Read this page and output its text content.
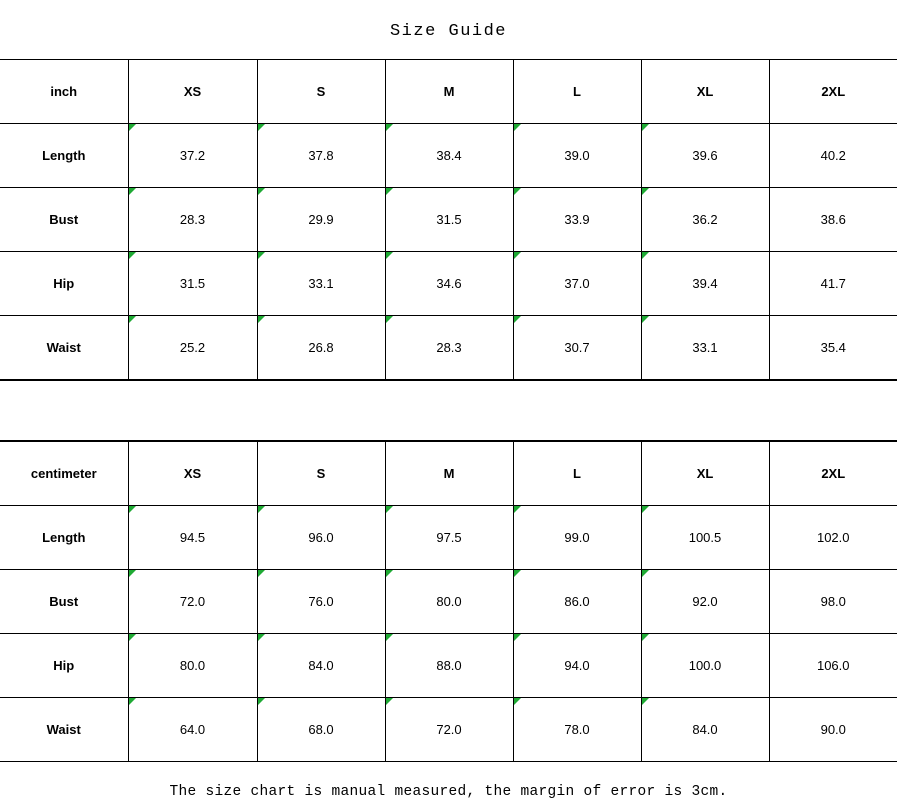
Size Guide
inch	XS	S	M	L	XL	2XL
Length	37.2	37.8	38.4	39.0	39.6	40.2
Bust	28.3	29.9	31.5	33.9	36.2	38.6
Hip	31.5	33.1	34.6	37.0	39.4	41.7
Waist	25.2	26.8	28.3	30.7	33.1	35.4
centimeter	XS	S	M	L	XL	2XL
Length	94.5	96.0	97.5	99.0	100.5	102.0
Bust	72.0	76.0	80.0	86.0	92.0	98.0
Hip	80.0	84.0	88.0	94.0	100.0	106.0
Waist	64.0	68.0	72.0	78.0	84.0	90.0
The size chart is manual measured, the margin of error is 3cm.
